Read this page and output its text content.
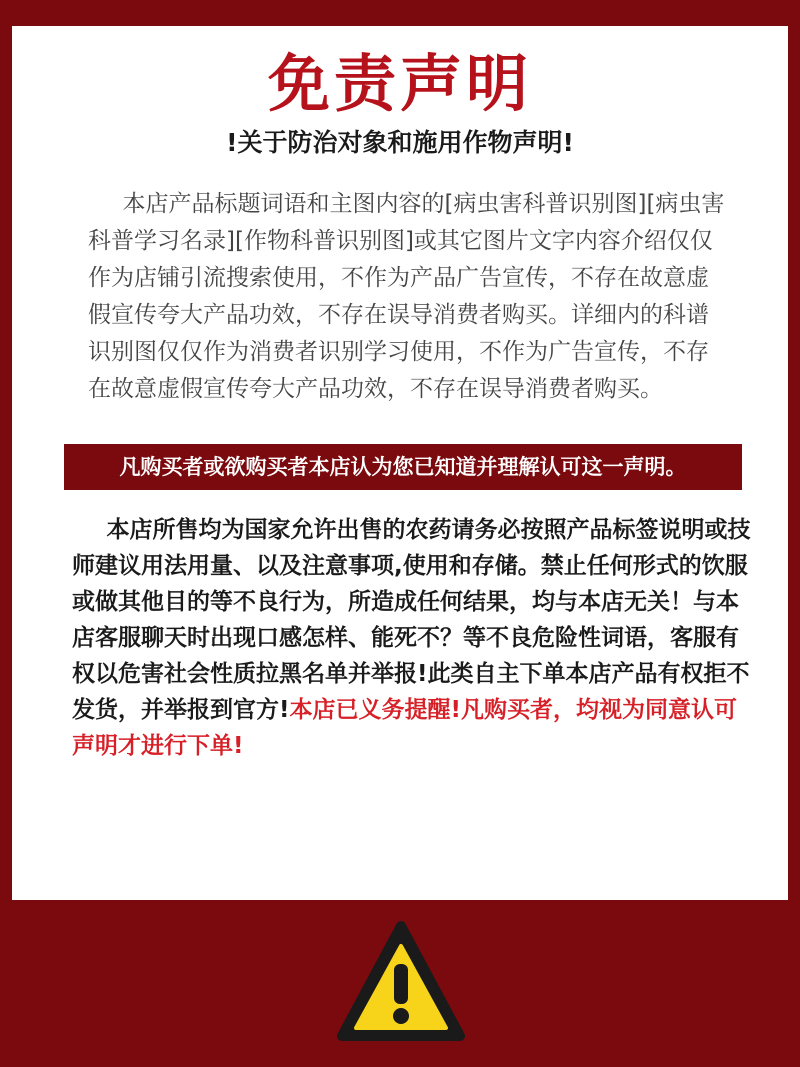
免责声明
!关于防治对象和施用作物声明!

  本店产品标题词语和主图内容的[病虫害科普识别图][病虫害科普学习名录][作物科普识别图]或其它图片文字内容介绍仅仅作为店铺引流搜索使用，不作为产品广告宣传，不存在故意虚假宣传夸大产品功效，不存在误导消费者购买。详细内的科谱识别图仅仅作为消费者识别学习使用，不作为广告宣传，不存在故意虚假宣传夸大产品功效，不存在误导消费者购买。

凡购买者或欲购买者本店认为您已知道并理解认可这一声明。

  本店所售均为国家允许出售的农药请务必按照产品标签说明或技师建议用法用量、以及注意事项,使用和存储。禁止任何形式的饮服或做其他目的等不良行为，所造成任何结果，均与本店无关！与本店客服聊天时出现口感怎样、能死不？等不良危险性词语，客服有权以危害社会性质拉黑名单并举报!此类自主下单本店产品有权拒不发货，并举报到官方!本店已义务提醒!凡购买者，均视为同意认可声明才进行下单!
